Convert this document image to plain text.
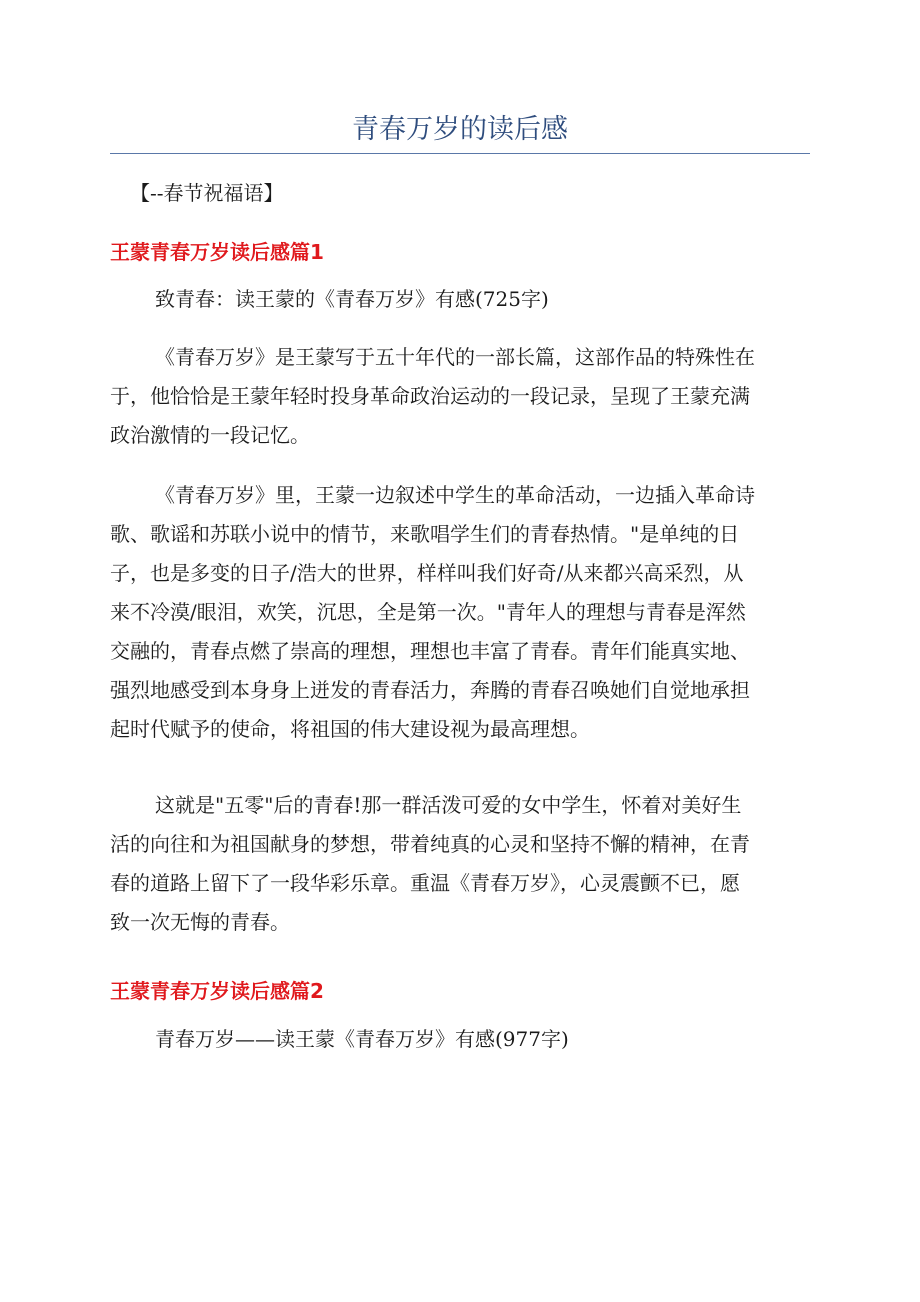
青春万岁的读后感
【--春节祝福语】
王蒙青春万岁读后感篇1
致青春：读王蒙的《青春万岁》有感(725字)
《青春万岁》是王蒙写于五十年代的一部长篇，这部作品的特殊性在
于，他恰恰是王蒙年轻时投身革命政治运动的一段记录，呈现了王蒙充满
政治激情的一段记忆。
《青春万岁》里，王蒙一边叙述中学生的革命活动，一边插入革命诗
歌、歌谣和苏联小说中的情节，来歌唱学生们的青春热情。"是单纯的日
子，也是多变的日子/浩大的世界，样样叫我们好奇/从来都兴高采烈，从
来不冷漠/眼泪，欢笑，沉思，全是第一次。"青年人的理想与青春是浑然
交融的，青春点燃了崇高的理想，理想也丰富了青春。青年们能真实地、
强烈地感受到本身身上迸发的青春活力，奔腾的青春召唤她们自觉地承担
起时代赋予的使命，将祖国的伟大建设视为最高理想。
这就是"五零"后的青春!那一群活泼可爱的女中学生，怀着对美好生
活的向往和为祖国献身的梦想，带着纯真的心灵和坚持不懈的精神，在青
春的道路上留下了一段华彩乐章。重温《青春万岁》，心灵震颤不已，愿
致一次无悔的青春。
王蒙青春万岁读后感篇2
青春万岁——读王蒙《青春万岁》有感(977字)
